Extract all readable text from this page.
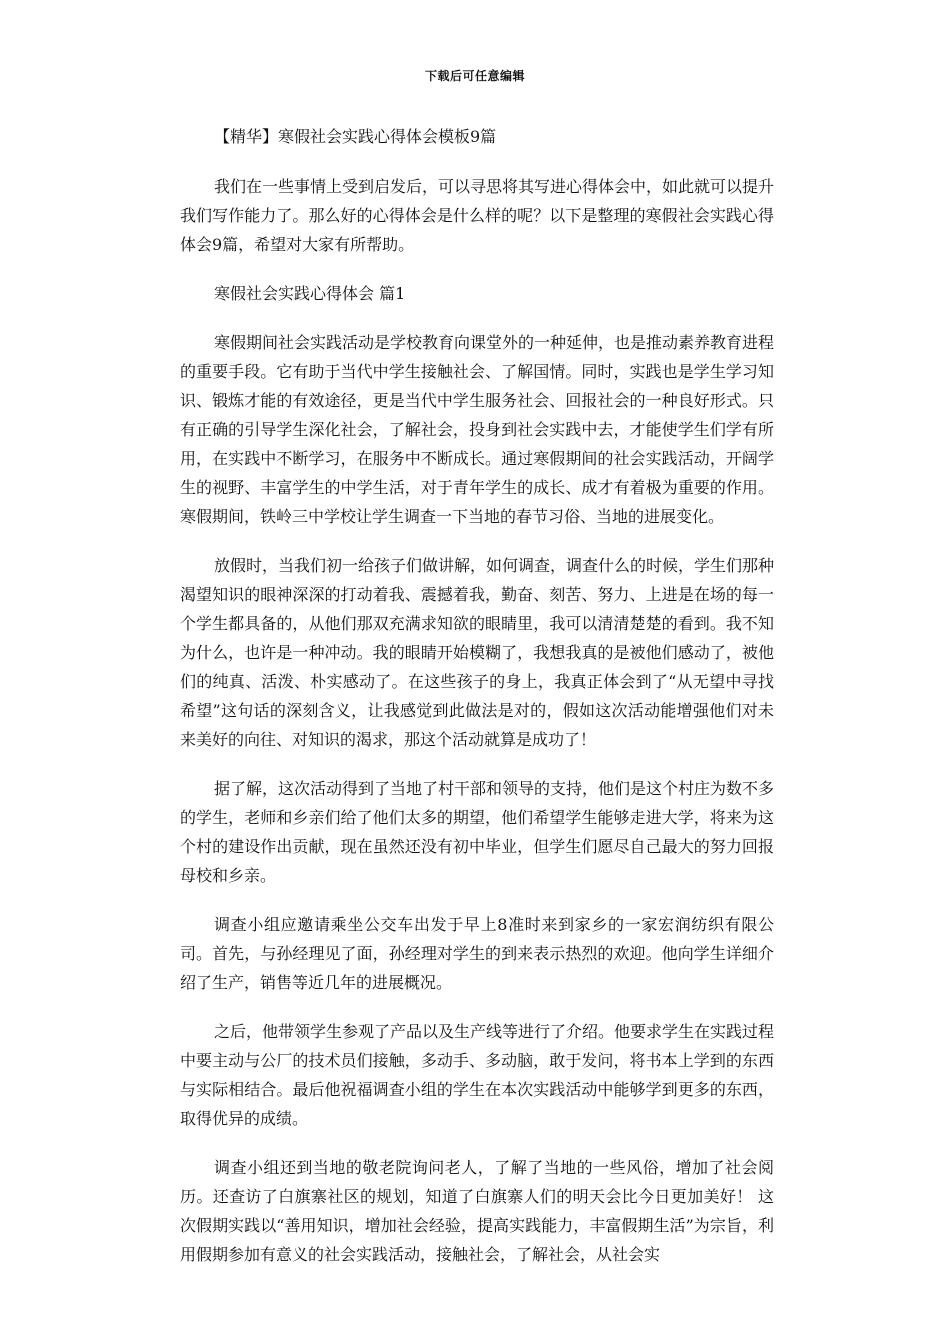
下载后可任意编辑
【精华】寒假社会实践心得体会模板9篇

我们在一些事情上受到启发后，可以寻思将其写进心得体会中，如此就可以提升我们写作能力了。那么好的心得体会是什么样的呢？以下是整理的寒假社会实践心得体会9篇，希望对大家有所帮助。

寒假社会实践心得体会 篇1

寒假期间社会实践活动是学校教育向课堂外的一种延伸，也是推动素养教育进程的重要手段。它有助于当代中学生接触社会、了解国情。同时，实践也是学生学习知识、锻炼才能的有效途径，更是当代中学生服务社会、回报社会的一种良好形式。只有正确的引导学生深化社会，了解社会，投身到社会实践中去，才能使学生们学有所用，在实践中不断学习，在服务中不断成长。通过寒假期间的社会实践活动，开阔学生的视野、丰富学生的中学生活，对于青年学生的成长、成才有着极为重要的作用。寒假期间，铁岭三中学校让学生调查一下当地的春节习俗、当地的进展变化。

放假时，当我们初一给孩子们做讲解，如何调查，调查什么的时候，学生们那种渴望知识的眼神深深的打动着我、震撼着我，勤奋、刻苦、努力、上进是在场的每一个学生都具备的，从他们那双充满求知欲的眼睛里，我可以清清楚楚的看到。我不知为什么，也许是一种冲动。我的眼睛开始模糊了，我想我真的是被他们感动了，被他们的纯真、活泼、朴实感动了。在这些孩子的身上，我真正体会到了“从无望中寻找希望”这句话的深刻含义，让我感觉到此做法是对的，假如这次活动能增强他们对未来美好的向往、对知识的渴求，那这个活动就算是成功了！

据了解，这次活动得到了当地了村干部和领导的支持，他们是这个村庄为数不多的学生，老师和乡亲们给了他们太多的期望，他们希望学生能够走进大学，将来为这个村的建设作出贡献，现在虽然还没有初中毕业，但学生们愿尽自己最大的努力回报母校和乡亲。

调查小组应邀请乘坐公交车出发于早上8准时来到家乡的一家宏润纺织有限公司。首先，与孙经理见了面，孙经理对学生的到来表示热烈的欢迎。他向学生详细介绍了生产，销售等近几年的进展概况。

之后，他带领学生参观了产品以及生产线等进行了介绍。他要求学生在实践过程中要主动与公厂的技术员们接触，多动手、多动脑，敢于发问，将书本上学到的东西与实际相结合。最后他祝福调查小组的学生在本次实践活动中能够学到更多的东西，取得优异的成绩。

调查小组还到当地的敬老院询问老人，了解了当地的一些风俗，增加了社会阅历。还查访了白旗寨社区的规划，知道了白旗寨人们的明天会比今日更加美好！ 这次假期实践以“善用知识，增加社会经验，提高实践能力，丰富假期生活”为宗旨，利用假期参加有意义的社会实践活动，接触社会，了解社会，从社会实
